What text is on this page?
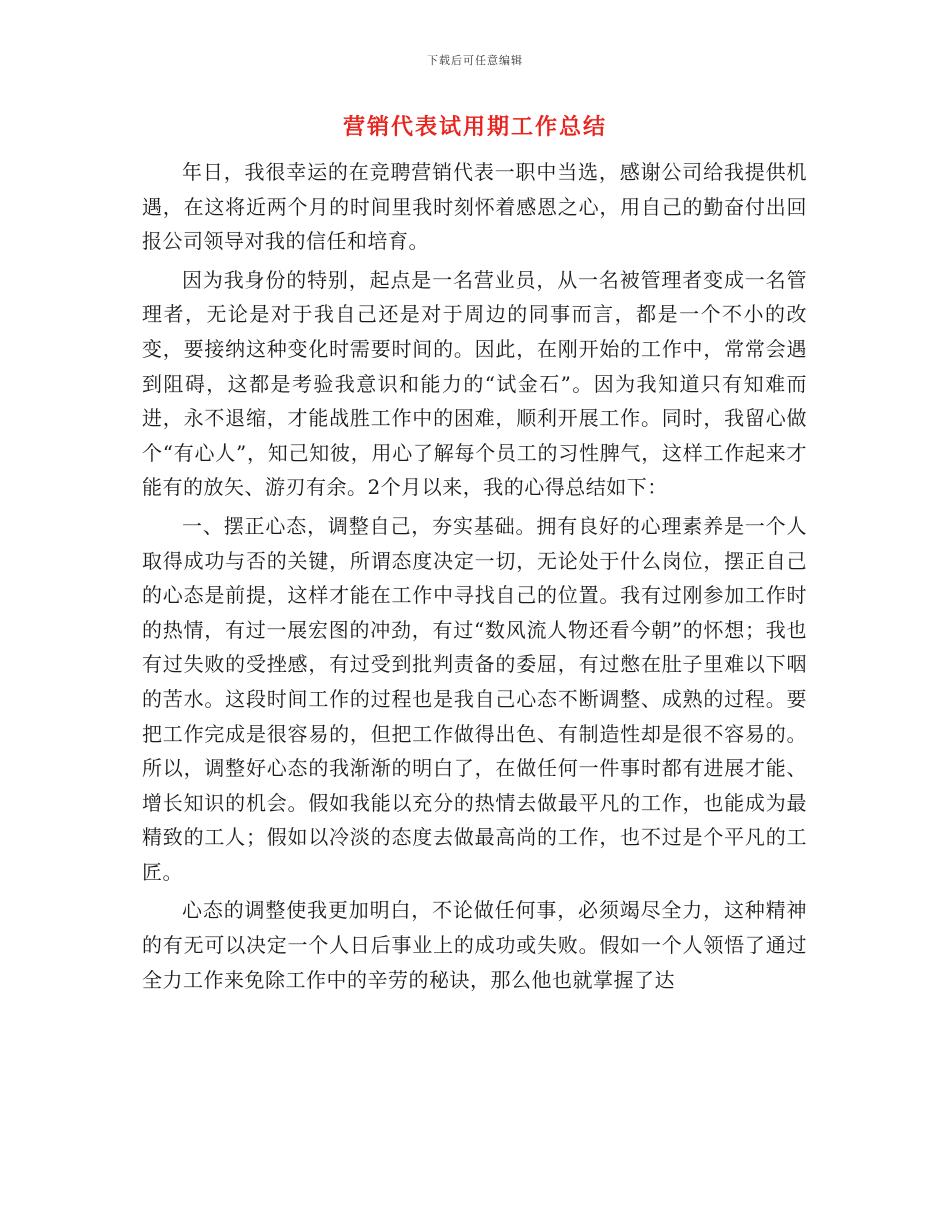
下载后可任意编辑
营销代表试用期工作总结

年日，我很幸运的在竞聘营销代表一职中当选，感谢公司给我提供机遇，在这将近两个月的时间里我时刻怀着感恩之心，用自己的勤奋付出回报公司领导对我的信任和培育。

因为我身份的特别，起点是一名营业员，从一名被管理者变成一名管理者，无论是对于我自己还是对于周边的同事而言，都是一个不小的改变，要接纳这种变化时需要时间的。因此，在刚开始的工作中，常常会遇到阻碍，这都是考验我意识和能力的“试金石”。因为我知道只有知难而进，永不退缩，才能战胜工作中的困难，顺利开展工作。同时，我留心做个“有心人”，知己知彼，用心了解每个员工的习性脾气，这样工作起来才能有的放矢、游刃有余。2个月以来，我的心得总结如下：

一、摆正心态，调整自己，夯实基础。拥有良好的心理素养是一个人取得成功与否的关键，所谓态度决定一切，无论处于什么岗位，摆正自己的心态是前提，这样才能在工作中寻找自己的位置。我有过刚参加工作时的热情，有过一展宏图的冲劲，有过“数风流人物还看今朝”的怀想；我也有过失败的受挫感，有过受到批判责备的委屈，有过憋在肚子里难以下咽的苦水。这段时间工作的过程也是我自己心态不断调整、成熟的过程。要把工作完成是很容易的，但把工作做得出色、有制造性却是很不容易的。所以，调整好心态的我渐渐的明白了，在做任何一件事时都有进展才能、增长知识的机会。假如我能以充分的热情去做最平凡的工作，也能成为最精致的工人；假如以冷淡的态度去做最高尚的工作，也不过是个平凡的工匠。

心态的调整使我更加明白，不论做任何事，必须竭尽全力，这种精神的有无可以决定一个人日后事业上的成功或失败。假如一个人领悟了通过全力工作来免除工作中的辛劳的秘诀，那么他也就掌握了达
